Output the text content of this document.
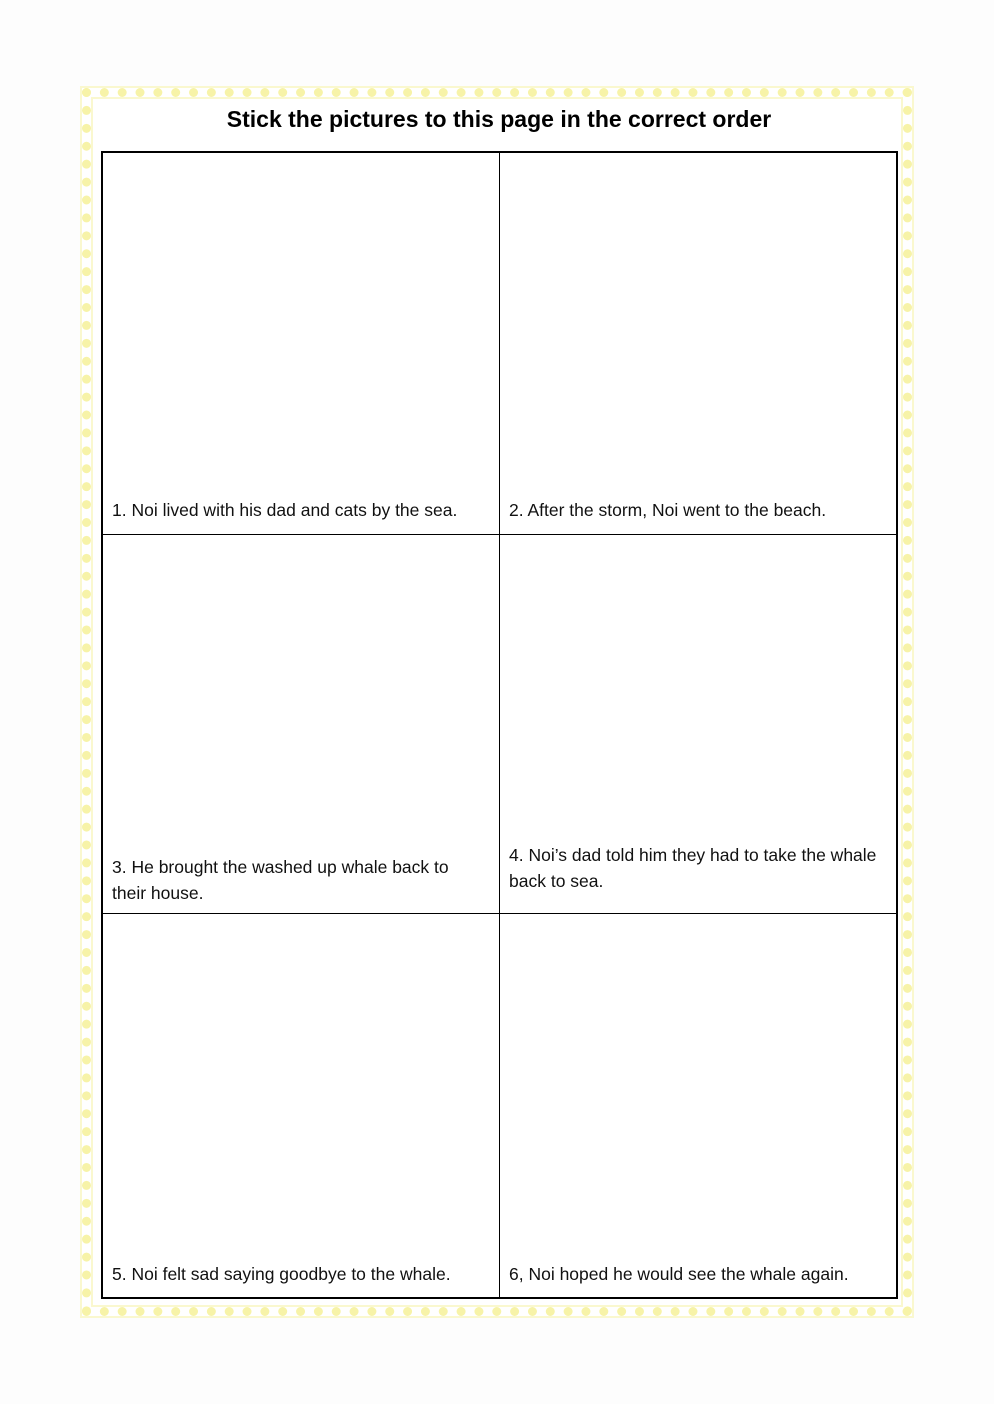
Stick the pictures to this page in the correct order

1. Noi lived with his dad and cats by the sea.	2. After the storm, Noi went to the beach.

3. He brought the washed up whale back to their house.

4. Noi’s dad told him they had to take the whale back to sea.

5. Noi felt sad saying goodbye to the whale.	6, Noi hoped he would see the whale again.
